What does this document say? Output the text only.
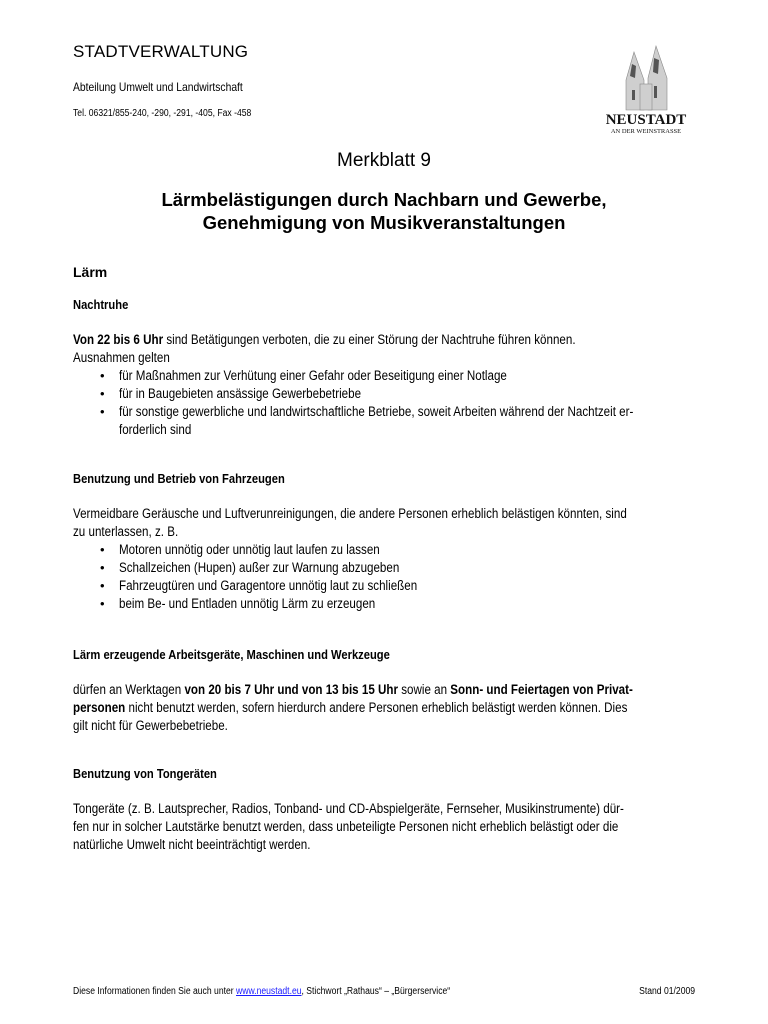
STADTVERWALTUNG
Abteilung Umwelt und Landwirtschaft
Tel. 06321/855-240, -290, -291, -405, Fax -458	NEUSTADT
AN DER WEINSTRASSE
Merkblatt 9
Lärmbelästigungen durch Nachbarn und Gewerbe,
Genehmigung von Musikveranstaltungen
Lärm
Nachtruhe
Von 22 bis 6 Uhr sind Betätigungen verboten, die zu einer Störung der Nachtruhe führen können.
Ausnahmen gelten
• für Maßnahmen zur Verhütung einer Gefahr oder Beseitigung einer Notlage
• für in Baugebieten ansässige Gewerbebetriebe
• für sonstige gewerbliche und landwirtschaftliche Betriebe, soweit Arbeiten während der Nachtzeit er-
forderlich sind
Benutzung und Betrieb von Fahrzeugen
Vermeidbare Geräusche und Luftverunreinigungen, die andere Personen erheblich belästigen könnten, sind
zu unterlassen, z. B.
• Motoren unnötig oder unnötig laut laufen zu lassen
• Schallzeichen (Hupen) außer zur Warnung abzugeben
• Fahrzeugtüren und Garagentore unnötig laut zu schließen
• beim Be- und Entladen unnötig Lärm zu erzeugen
Lärm erzeugende Arbeitsgeräte, Maschinen und Werkzeuge
dürfen an Werktagen von 20 bis 7 Uhr und von 13 bis 15 Uhr sowie an Sonn- und Feiertagen von Privat-
personen nicht benutzt werden, sofern hierdurch andere Personen erheblich belästigt werden können. Dies
gilt nicht für Gewerbebetriebe.
Benutzung von Tongeräten
Tongeräte (z. B. Lautsprecher, Radios, Tonband- und CD-Abspielgeräte, Fernseher, Musikinstrumente) dür-
fen nur in solcher Lautstärke benutzt werden, dass unbeteiligte Personen nicht erheblich belästigt oder die
natürliche Umwelt nicht beeinträchtigt werden.
Diese Informationen finden Sie auch unter www.neustadt.eu, Stichwort „Rathaus“ – „Bürgerservice“	Stand 01/2009
